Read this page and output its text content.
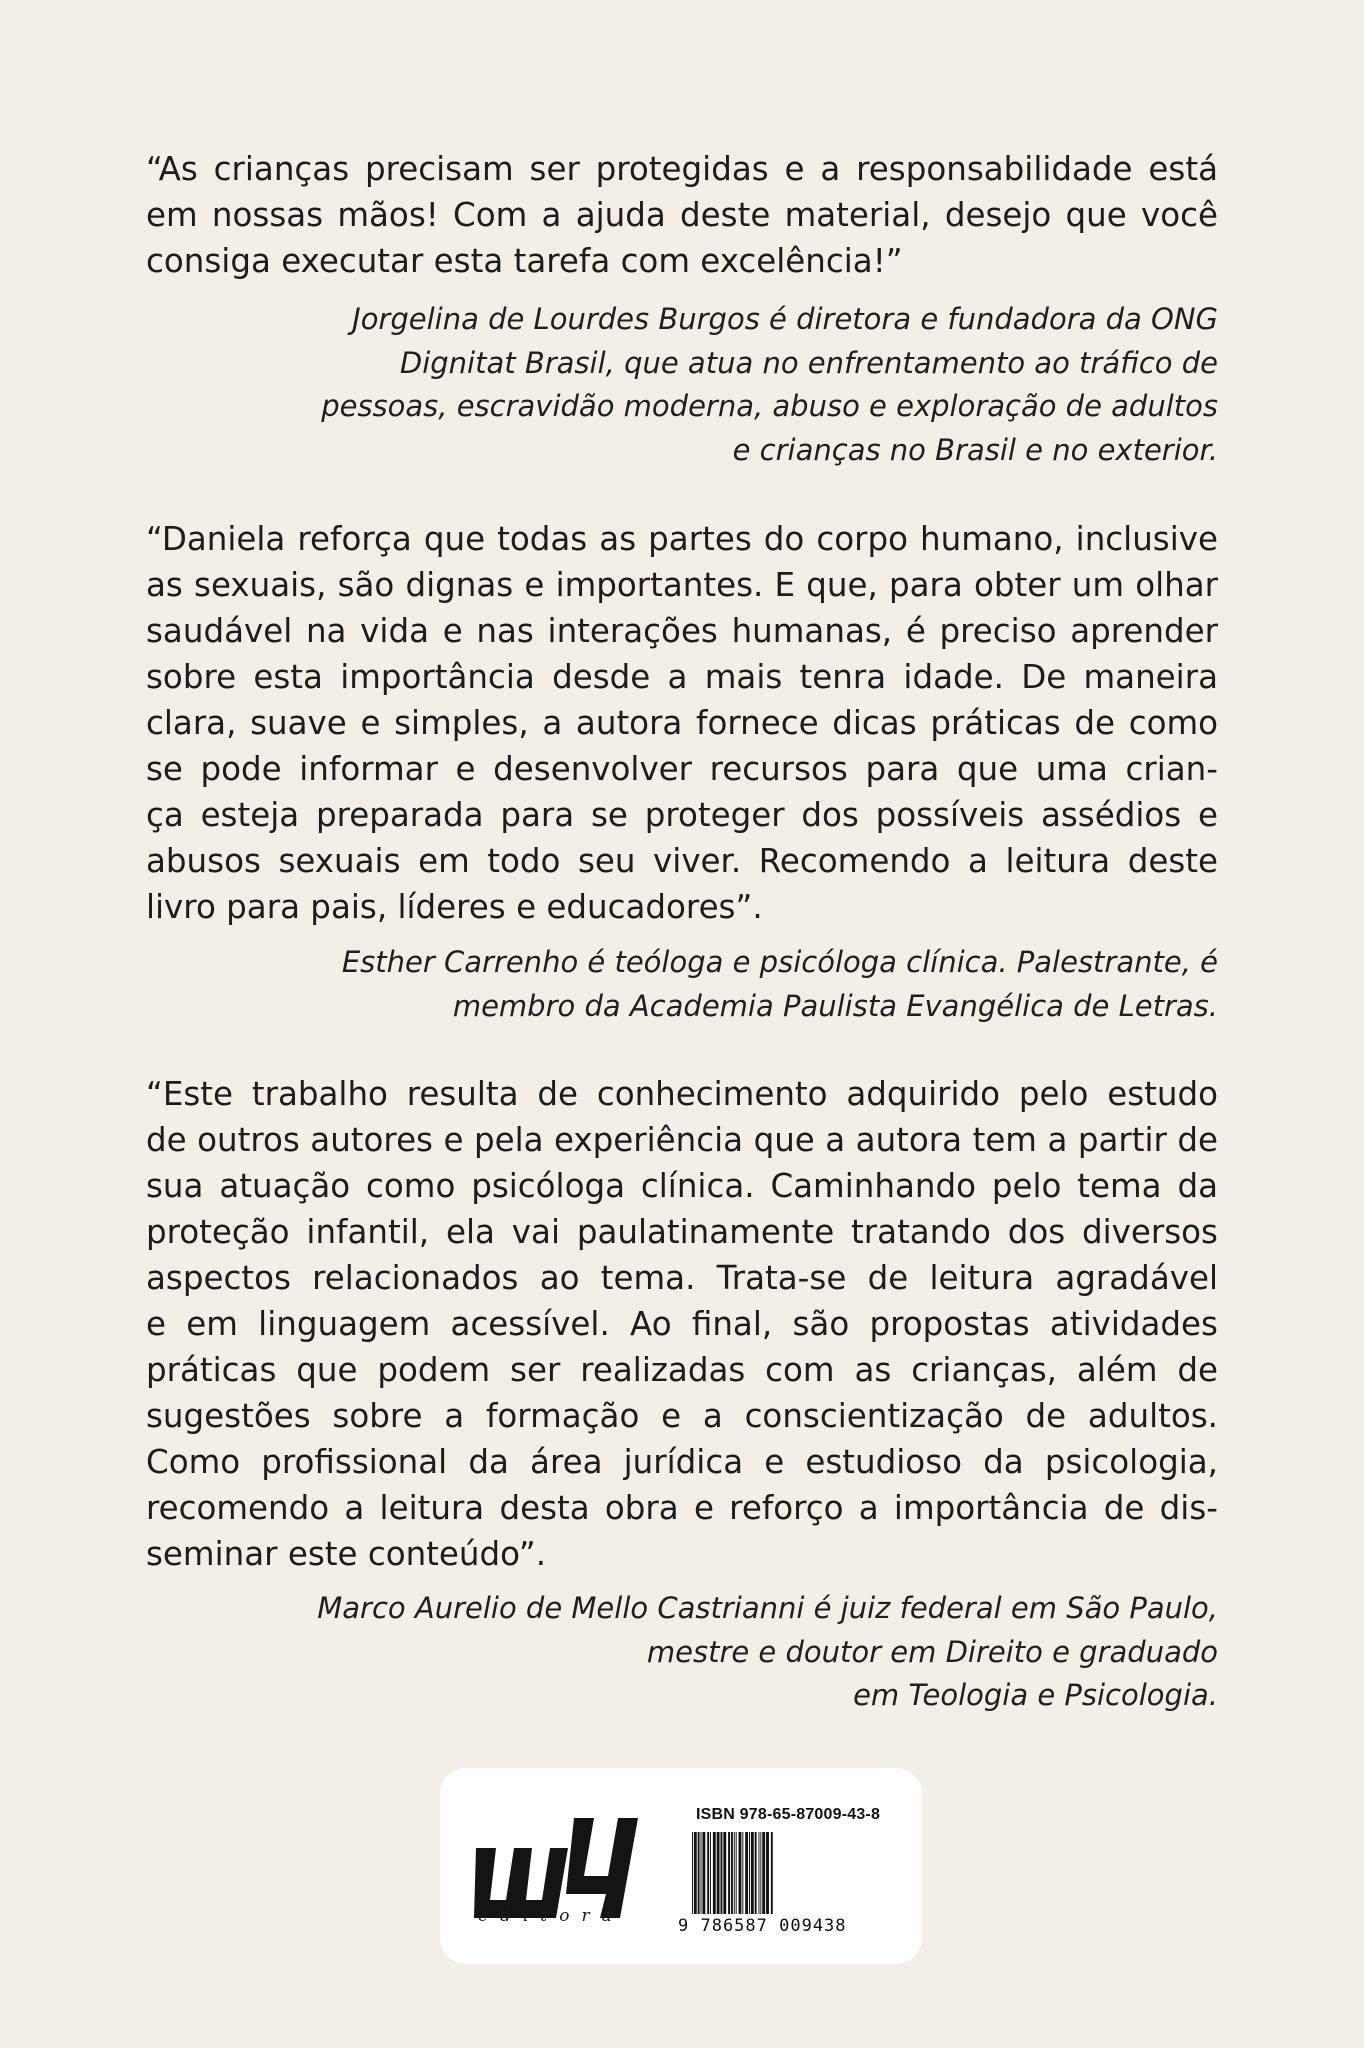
“As crianças precisam ser protegidas e a responsabilidade está
em nossas mãos! Com a ajuda deste material, desejo que você
consiga executar esta tarefa com excelência!”
Jorgelina de Lourdes Burgos é diretora e fundadora da ONG
Dignitat Brasil, que atua no enfrentamento ao tráfico de
pessoas, escravidão moderna, abuso e exploração de adultos
e crianças no Brasil e no exterior.
“Daniela reforça que todas as partes do corpo humano, inclusive
as sexuais, são dignas e importantes. E que, para obter um olhar
saudável na vida e nas interações humanas, é preciso aprender
sobre esta importância desde a mais tenra idade. De maneira
clara, suave e simples, a autora fornece dicas práticas de como
se pode informar e desenvolver recursos para que uma crian-
ça esteja preparada para se proteger dos possíveis assédios e
abusos sexuais em todo seu viver. Recomendo a leitura deste
livro para pais, líderes e educadores”.
Esther Carrenho é teóloga e psicóloga clínica. Palestrante, é
membro da Academia Paulista Evangélica de Letras.
“Este trabalho resulta de conhecimento adquirido pelo estudo
de outros autores e pela experiência que a autora tem a partir de
sua atuação como psicóloga clínica. Caminhando pelo tema da
proteção infantil, ela vai paulatinamente tratando dos diversos
aspectos relacionados ao tema. Trata-se de leitura agradável
e em linguagem acessível. Ao final, são propostas atividades
práticas que podem ser realizadas com as crianças, além de
sugestões sobre a formação e a conscientização de adultos.
Como profissional da área jurídica e estudioso da psicologia,
recomendo a leitura desta obra e reforço a importância de dis-
seminar este conteúdo”.
Marco Aurelio de Mello Castrianni é juiz federal em São Paulo,
mestre e doutor em Direito e graduado
em Teologia e Psicologia.
editora
ISBN 978-65-87009-43-8
9 786587 009438
